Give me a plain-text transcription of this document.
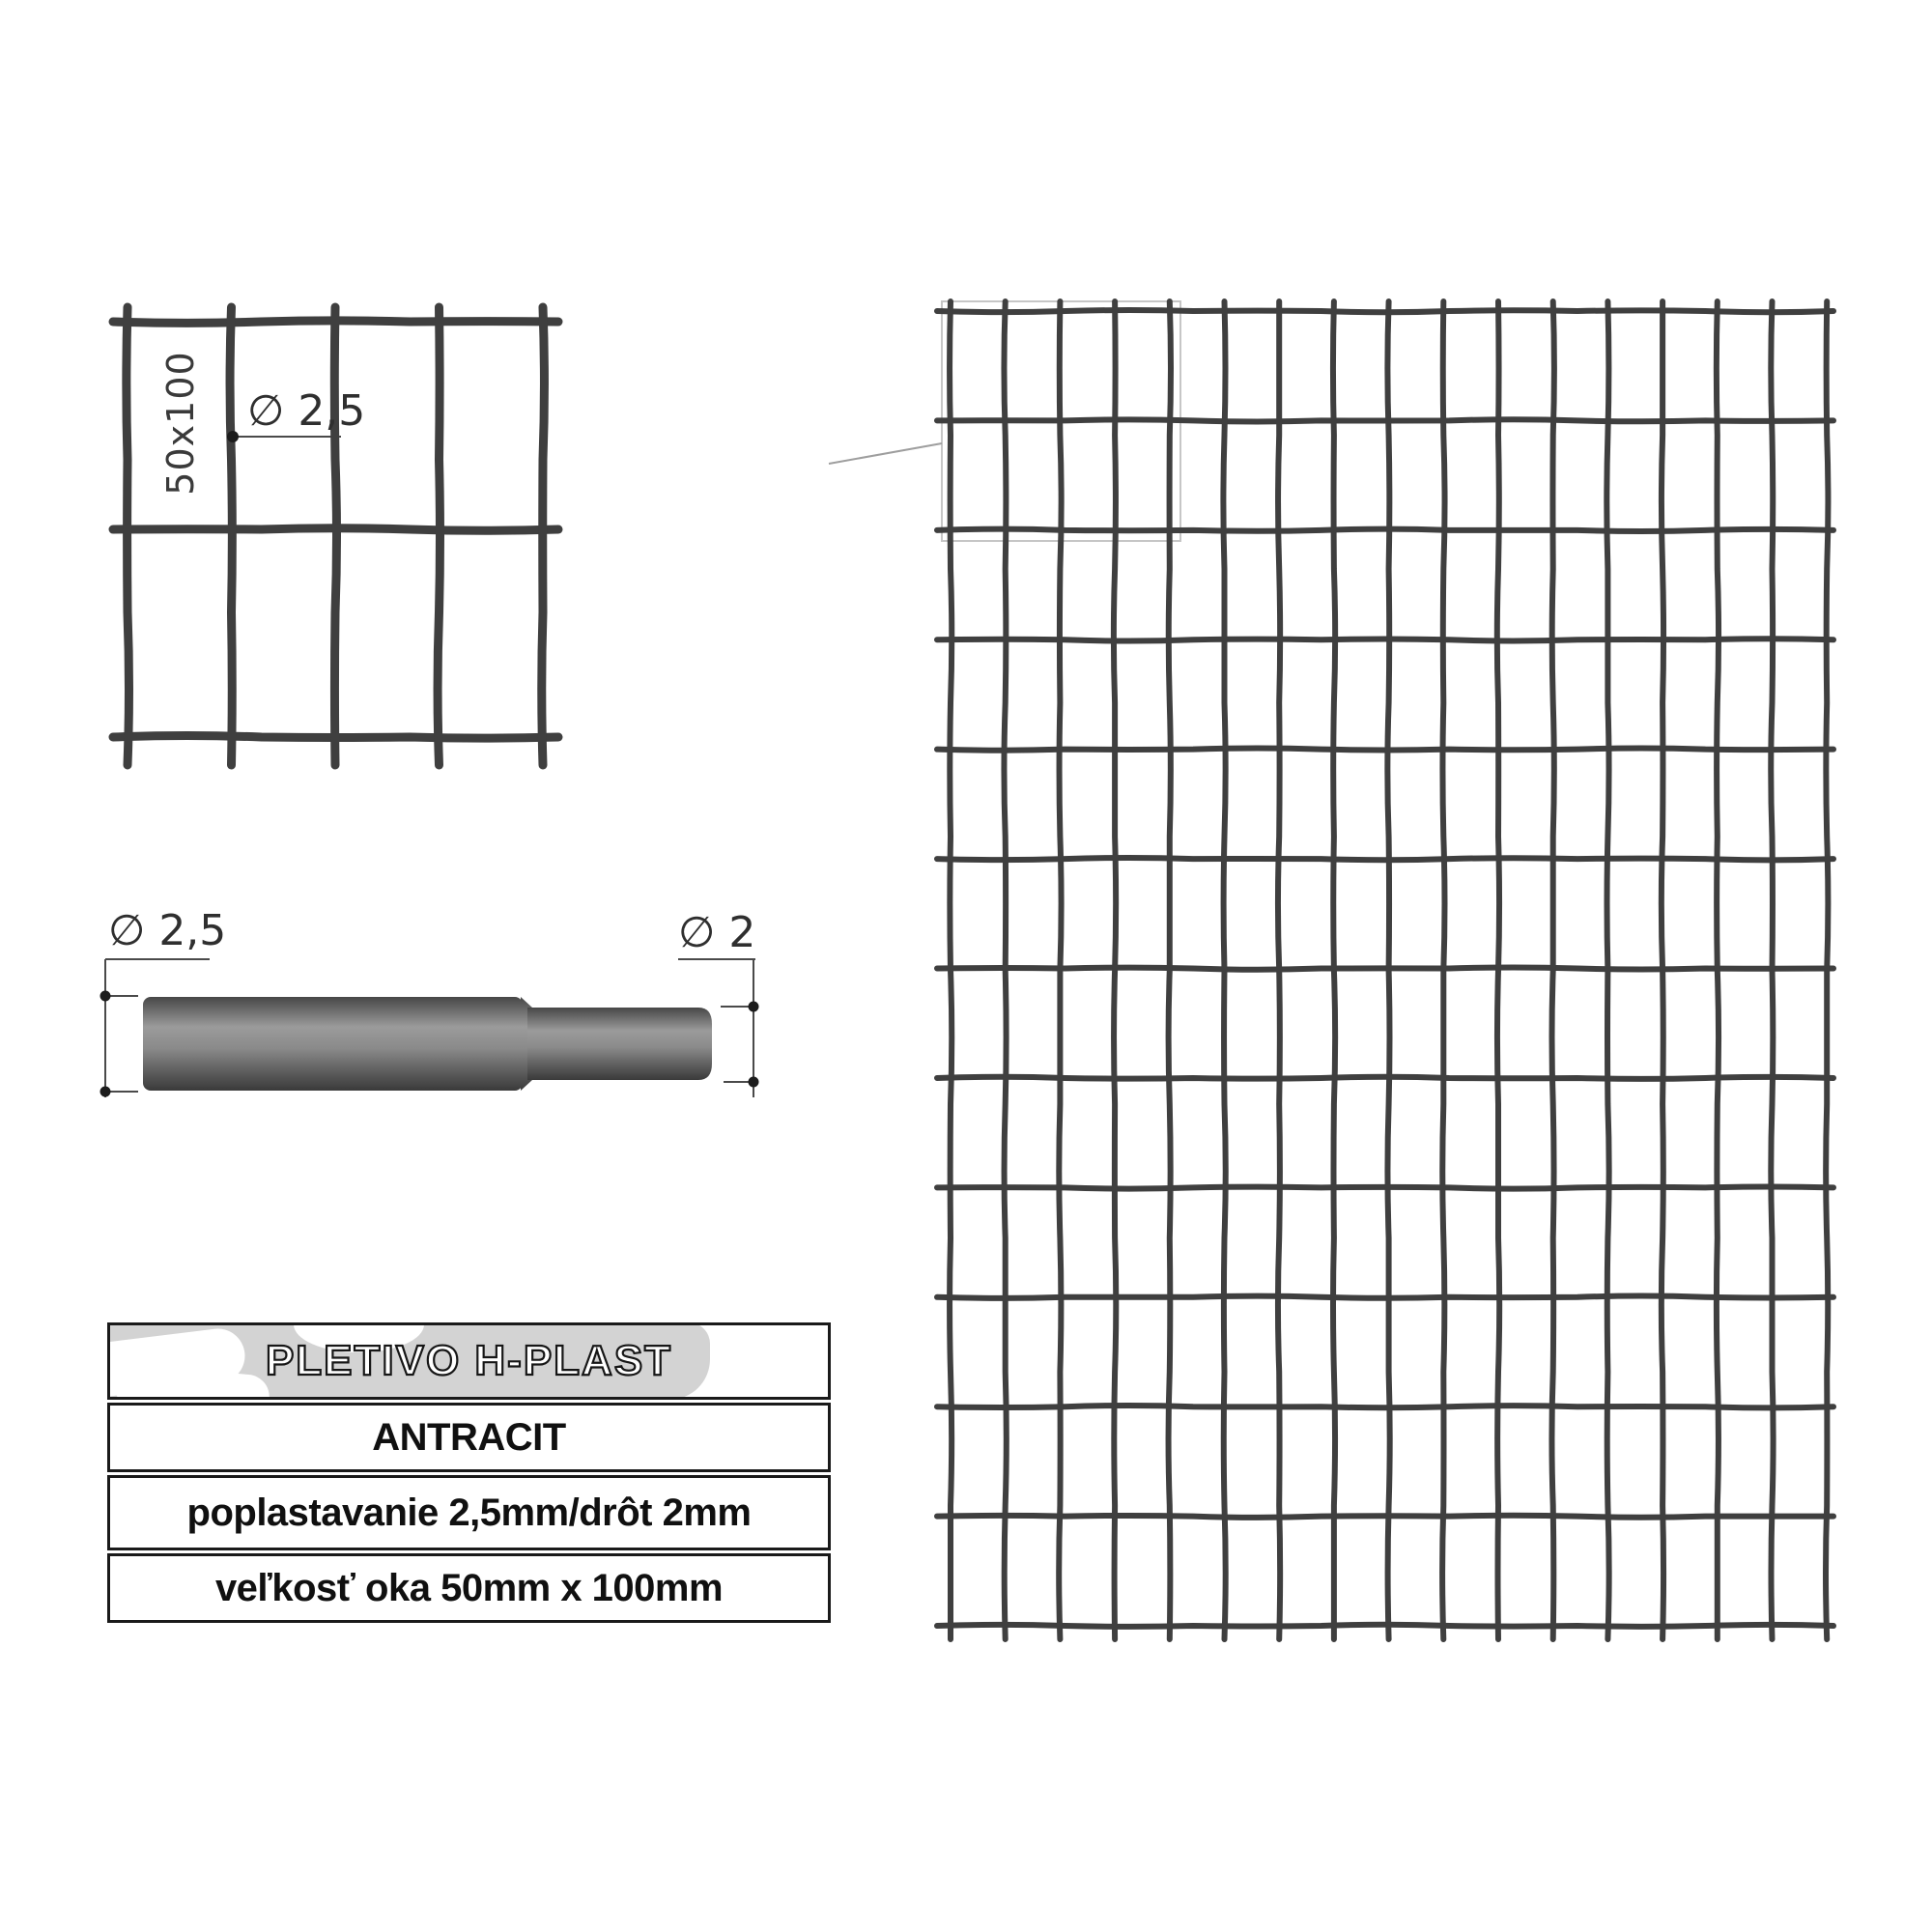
50x100 ∅ 2,5
∅ 2,5	∅ 2
PLETIVO H-PLAST
ANTRACIT
poplastavanie 2,5mm/drôt 2mm
veľkosť oka 50mm x 100mm
